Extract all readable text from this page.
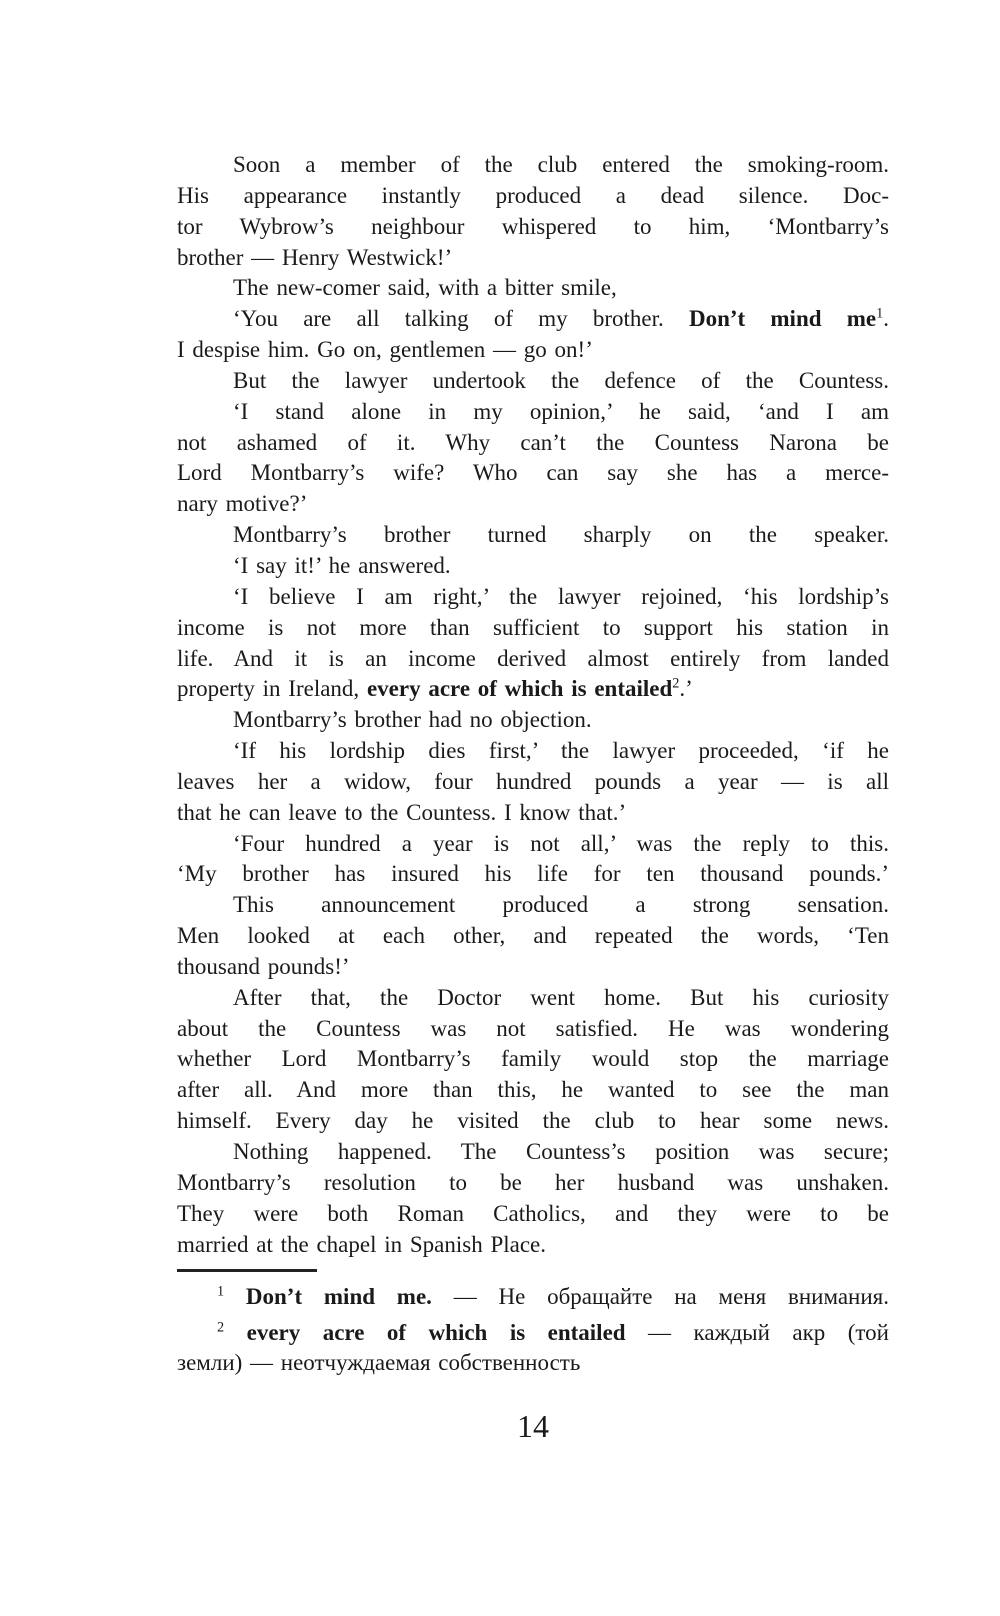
Soon a member of the club entered the smoking-room.
His appearance instantly produced a dead silence. Doc-
tor Wybrow’s neighbour whispered to him, ‘Montbarry’s
brother — Henry Westwick!’
The new-comer said, with a bitter smile,
‘You are all talking of my brother. Don’t mind $me^1$.
I despise him. Go on, gentlemen — go on!’
But the lawyer undertook the defence of the Countess.
‘I stand alone in my opinion,’ he said, ‘and I am
not ashamed of it. Why can’t the Countess Narona be
Lord Montbarry’s wife? Who can say she has a merce-
nary motive?’
Montbarry’s brother turned sharply on the speaker.
‘I say it!’ he answered.
‘I believe I am right,’ the lawyer rejoined, ‘his lordship’s
income is not more than sufficient to support his station in
life. And it is an income derived almost entirely from landed
property in Ireland, every acre of which is entailed$^2$.’
Montbarry’s brother had no objection.
‘If his lordship dies first,’ the lawyer proceeded, ‘if he
leaves her a widow, four hundred pounds a year — is all
that he can leave to the Countess. I know that.’
‘Four hundred a year is not all,’ was the reply to this.
‘My brother has insured his life for ten thousand pounds.’
This announcement produced a strong sensation.
Men looked at each other, and repeated the words, ‘Ten
thousand pounds!’
After that, the Doctor went home. But his curiosity
about the Countess was not satisfied. He was wondering
whether Lord Montbarry’s family would stop the marriage
after all. And more than this, he wanted to see the man
himself. Every day he visited the club to hear some news.
Nothing happened. The Countess’s position was secure;
Montbarry’s resolution to be her husband was unshaken.
They were both Roman Catholics, and they were to be
married at the chapel in Spanish Place.
$^1$ Don’t mind me. — Не обращайте на меня внимания.
$^2$ every acre of which is entailed — каждый акр (той
земли) — неотчуждаемая собственность
14
